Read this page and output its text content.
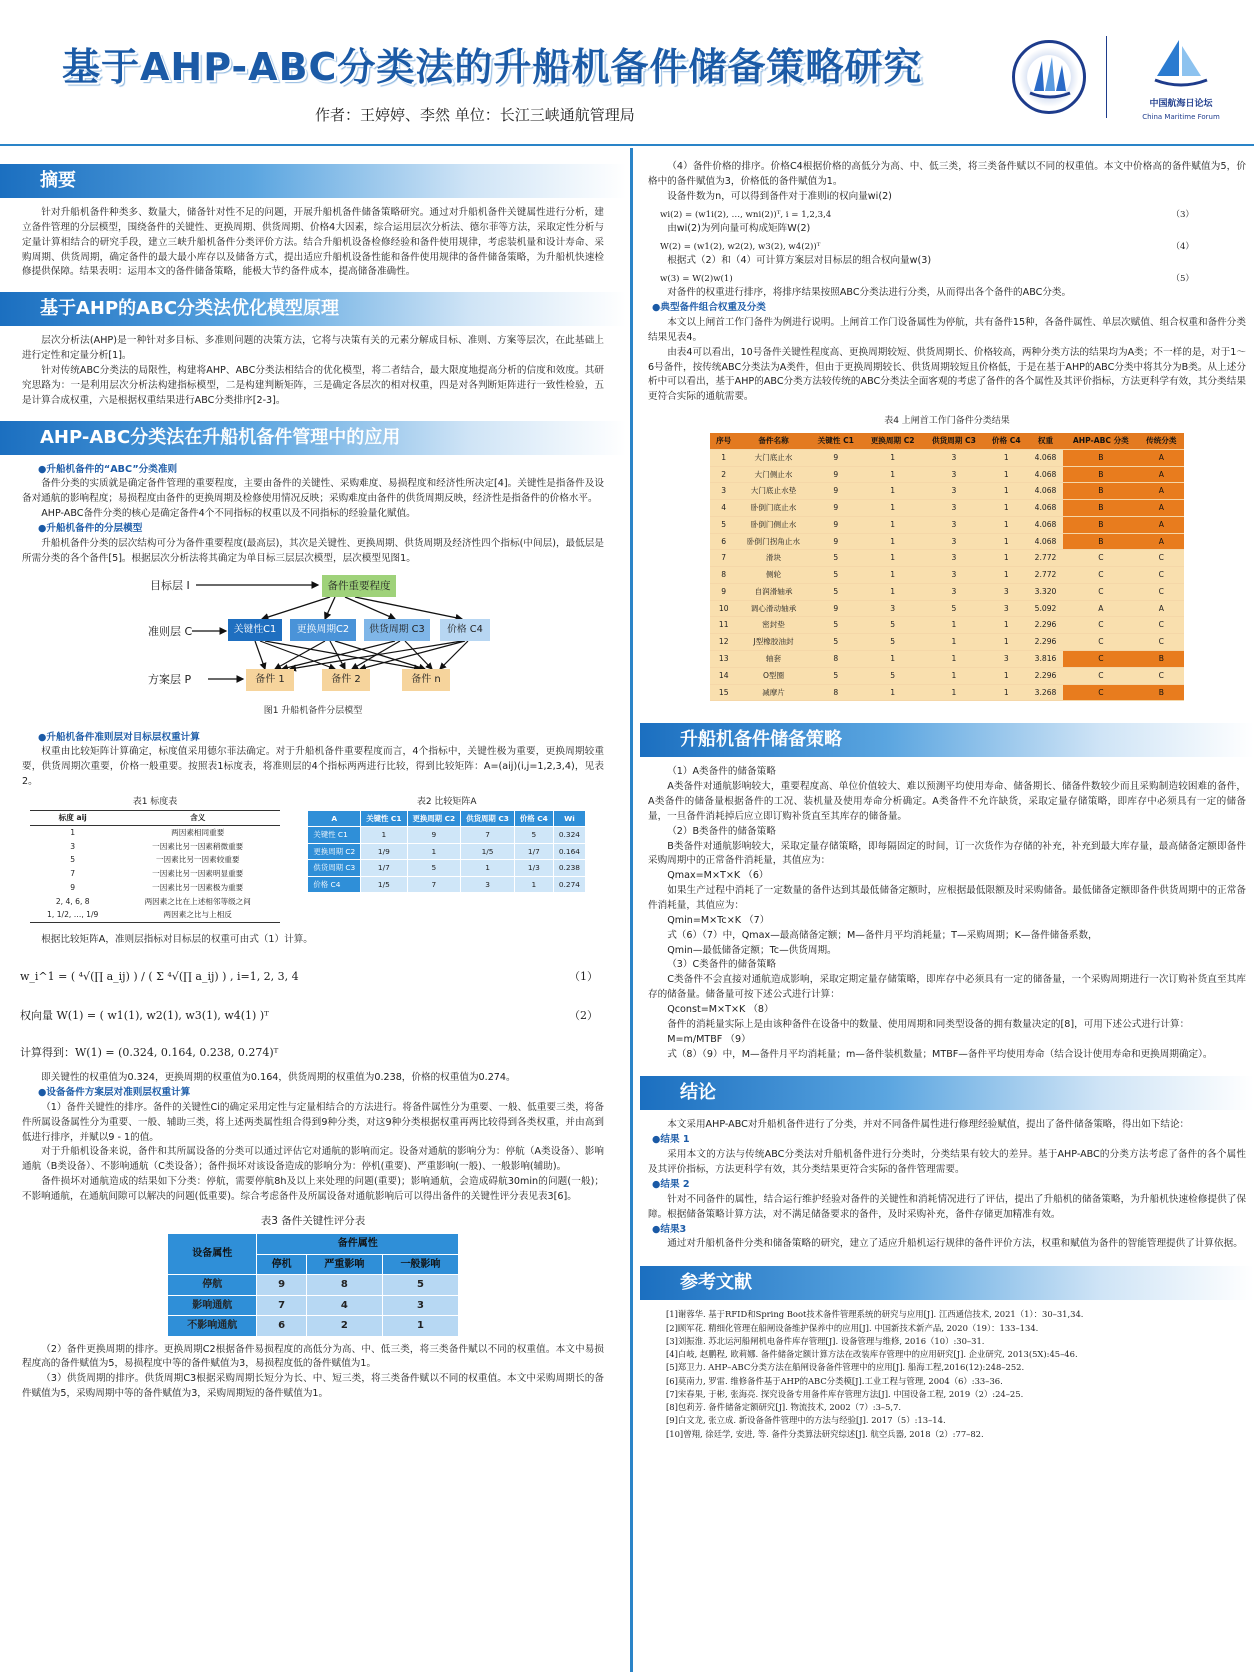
基于AHP-ABC分类法的升船机备件储备策略研究
作者：王婷婷、李然 单位：长江三峡通航管理局
中国航海日论坛
China Maritime Forum
摘要
针对升船机备件种类多、数量大，储备针对性不足的问题，开展升船机备件储备策略研究。通过对升船机备件关键属性进行分析，建立备件管理的分层模型，围绕备件的关键性、更换周期、供货周期、价格4大因素，综合运用层次分析法、德尔菲等方法，采取定性分析与定量计算相结合的研究手段，建立三峡升船机备件分类评价方法。结合升船机设备检修经验和备件使用规律，考虑装机量和设计寿命、采购周期、供货周期，确定备件的最大最小库存以及储备方式，提出适应升船机设备性能和备件使用规律的备件储备策略，为升船机快速检修提供保障。结果表明：运用本文的备件储备策略，能极大节约备件成本，提高储备准确性。
基于AHP的ABC分类法优化模型原理
层次分析法(AHP)是一种针对多目标、多准则问题的决策方法，它将与决策有关的元素分解成目标、准则、方案等层次，在此基础上进行定性和定量分析[1]。
针对传统ABC分类法的局限性，构建将AHP、ABC分类法相结合的优化模型，将二者结合，最大限度地提高分析的信度和效度。其研究思路为：一是利用层次分析法构建指标模型，二是构建判断矩阵，三是确定各层次的相对权重，四是对各判断矩阵进行一致性检验，五是计算合成权重，六是根据权重结果进行ABC分类排序[2-3]。
AHP-ABC分类法在升船机备件管理中的应用
●升船机备件的“ABC”分类准则
备件分类的实质就是确定备件管理的重要程度，主要由备件的关键性、采购难度、易损程度和经济性所决定[4]。关键性是指备件及设备对通航的影响程度；易损程度由备件的更换周期及检修使用情况反映；采购难度由备件的供货周期反映，经济性是指备件的价格水平。
AHP-ABC备件分类的核心是确定备件4个不同指标的权重以及不同指标的经验量化赋值。
●升船机备件的分层模型
升船机备件分类的层次结构可分为备件重要程度(最高层)，其次是关键性、更换周期、供货周期及经济性四个指标(中间层)，最低层是所需分类的各个备件[5]。根据层次分析法将其确定为单目标三层层次模型，层次模型见图1。
目标层 I
准则层 C
方案层 P
备件重要程度
关键性C1	更换周期C2	供货周期 C3	价格 C4
备件 1	备件 2	备件 n
图1 升船机备件分层模型
●升船机备件准则层对目标层权重计算
权重由比较矩阵计算确定，标度值采用德尔菲法确定。对于升船机备件重要程度而言，4个指标中，关键性极为重要，更换周期较重要，供货周期次重要，价格一般重要。按照表1标度表，将准则层的4个指标两两进行比较，得到比较矩阵：A=(aij)(i,j=1,2,3,4)，见表2。
表1 标度表
标度 aij	含义
1	两因素相同重要
3	一因素比另一因素稍微重要
5	一因素比另一因素较重要
7	一因素比另一因素明显重要
9	一因素比另一因素极为重要
2, 4, 6, 8	两因素之比在上述相邻等级之间
1, 1/2, …, 1/9	两因素之比与上相反
表2 比较矩阵A
A	关键性 C1	更换周期 C2	供货周期 C3	价格 C4	Wi
关键性 C1	1	9	7	5	0.324
更换周期 C2	1/9	1	1/5	1/7	0.164
供货周期 C3	1/7	5	1	1/3	0.238
价格 C4	1/5	7	3	1	0.274
根据比较矩阵A，准则层指标对目标层的权重可由式（1）计算。
w_i^1 = ( ⁴√(∏ a_ij) ) / ( Σ ⁴√(∏ a_ij) ) , i=1, 2, 3, 4	（1）
权向量 W(1) = ( w1(1), w2(1), w3(1), w4(1) )ᵀ	（2）
计算得到：W(1) = (0.324, 0.164, 0.238, 0.274)ᵀ
即关键性的权重值为0.324，更换周期的权重值为0.164，供货周期的权重值为0.238，价格的权重值为0.274。
●设备备件方案层对准则层权重计算
（1）备件关键性的排序。备件的关键性Ci的确定采用定性与定量相结合的方法进行。将备件属性分为重要、一般、低重要三类，将备件所属设备属性分为重要、一般、辅助三类，将上述两类属性组合得到9种分类，对这9种分类根据权重再两比较得到各类权重，并由高到低进行排序，并赋以9 - 1的值。
对于升船机设备来说，备件和其所属设备的分类可以通过评估它对通航的影响而定。设备对通航的影响分为：停航（A类设备）、影响通航（B类设备）、不影响通航（C类设备）；备件损坏对该设备造成的影响分为：停机(重要)、严重影响(一般)、一般影响(辅助)。
备件损坏对通航造成的结果如下分类：停航，需要停航8h及以上来处理的问题(重要)；影响通航，会造成碍航30min的问题(一般)；不影响通航，在通航间隙可以解决的问题(低重要)。综合考虑备件及所属设备对通航影响后可以得出备件的关键性评分表见表3[6]。
表3 备件关键性评分表
设备属性	备件属性		
	停机	严重影响	一般影响
停航	9	8	5
影响通航	7	4	3
不影响通航	6	2	1
（2）备件更换周期的排序。更换周期C2根据备件易损程度的高低分为高、中、低三类，将三类备件赋以不同的权重值。本文中易损程度高的备件赋值为5，易损程度中等的备件赋值为3，易损程度低的备件赋值为1。
（3）供货周期的排序。供货周期C3根据采购周期长短分为长、中、短三类，将三类备件赋以不同的权重值。本文中采购周期长的备件赋值为5，采购周期中等的备件赋值为3，采购周期短的备件赋值为1。
（4）备件价格的排序。价格C4根据价格的高低分为高、中、低三类，将三类备件赋以不同的权重值。本文中价格高的备件赋值为5，价格中的备件赋值为3，价格低的备件赋值为1。
设备件数为n，可以得到备件对于准则i的权向量wi(2)
wi(2) = (w1i(2), …, wni(2))ᵀ, i = 1,2,3,4	（3）
由wi(2)为列向量可构成矩阵W(2)
W(2) = (w1(2), w2(2), w3(2), w4(2))ᵀ	（4）
根据式（2）和（4）可计算方案层对目标层的组合权向量w(3)
w(3) = W(2)w(1)	（5）
对备件的权重进行排序，将排序结果按照ABC分类法进行分类，从而得出各个备件的ABC分类。
●典型备件组合权重及分类
本文以上闸首工作门备件为例进行说明。上闸首工作门设备属性为停航，共有备件15种，各备件属性、单层次赋值、组合权重和备件分类结果见表4。
由表4可以看出，10号备件关键性程度高、更换周期较短、供货周期长、价格较高，两种分类方法的结果均为A类；不一样的是，对于1～6号备件，按传统ABC分类法为A类件，但由于更换周期较长、供货周期较短且价格低，于是在基于AHP的ABC分类中将其分为B类。从上述分析中可以看出，基于AHP的ABC分类方法较传统的ABC分类法全面客观的考虑了备件的各个属性及其评价指标，方法更科学有效，其分类结果更符合实际的通航需要。
表4 上闸首工作门备件分类结果
序号	备件名称	关键性 C1	更换周期 C2	供货周期 C3	价格 C4	权重	AHP-ABC 分类	传统分类
1	大门底止水	9	1	3	1	4.068	B	A
2	大门侧止水	9	1	3	1	4.068	B	A
3	大门底止水垫	9	1	3	1	4.068	B	A
4	卧倒门底止水	9	1	3	1	4.068	B	A
5	卧倒门侧止水	9	1	3	1	4.068	B	A
6	卧倒门拐角止水	9	1	3	1	4.068	B	A
7	滑块	5	1	3	1	2.772	C	C
8	侧轮	5	1	3	1	2.772	C	C
9	自润滑轴承	5	1	3	3	3.320	C	C
10	调心滑动轴承	9	3	5	3	5.092	A	A
11	密封垫	5	5	1	1	2.296	C	C
12	J型橡胶油封	5	5	1	1	2.296	C	C
13	轴套	8	1	1	3	3.816	C	B
14	O型圈	5	5	1	1	2.296	C	C
15	减摩片	8	1	1	1	3.268	C	B
升船机备件储备策略
（1）A类备件的储备策略
A类备件对通航影响较大，重要程度高、单位价值较大、难以预测平均使用寿命、储备期长、储备件数较少而且采购制造较困难的备件，A类备件的储备量根据备件的工况、装机量及使用寿命分析确定。A类备件不允许缺货，采取定量存储策略，即库存中必须具有一定的储备量，一旦备件消耗掉后应立即订购补货直至其库存的储备量。
（2）B类备件的储备策略
B类备件对通航影响较大，采取定量存储策略，即每隔固定的时间，订一次货作为存储的补充，补充到最大库存量，最高储备定额即备件采购周期中的正常备件消耗量，其值应为：
Qmax=M×T×K （6）
如果生产过程中消耗了一定数量的备件达到其最低储备定额时，应根据最低限额及时采购储备。最低储备定额即备件供货周期中的正常备件消耗量，其值应为：
Qmin=M×Tc×K （7）
式（6）（7）中，Qmax—最高储备定额；M—备件月平均消耗量；T—采购周期；K—备件储备系数，
Qmin—最低储备定额；Tc—供货周期。
（3）C类备件的储备策略
C类备件不会直接对通航造成影响，采取定期定量存储策略，即库存中必须具有一定的储备量，一个采购周期进行一次订购补货直至其库存的储备量。储备量可按下述公式进行计算：
Qconst=M×T×K （8）
备件的消耗量实际上是由该种备件在设备中的数量、使用周期和同类型设备的拥有数量决定的[8]，可用下述公式进行计算：
M=m/MTBF （9）
式（8）（9）中，M—备件月平均消耗量；m—备件装机数量；MTBF—备件平均使用寿命（结合设计使用寿命和更换周期确定）。
结论
本文采用AHP-ABC对升船机备件进行了分类，并对不同备件属性进行修理经验赋值，提出了备件储备策略，得出如下结论：
●结果 1
采用本文的方法与传统ABC分类法对升船机备件进行分类时，分类结果有较大的差异。基于AHP-ABC的分类方法考虑了备件的各个属性及其评价指标，方法更科学有效，其分类结果更符合实际的备件管理需要。
●结果 2
针对不同备件的属性，结合运行维护经验对备件的关键性和消耗情况进行了评估，提出了升船机的储备策略，为升船机快速检修提供了保障。根据储备策略计算方法，对不满足储备要求的备件，及时采购补充，备件存储更加精准有效。
●结果3
通过对升船机备件分类和储备策略的研究，建立了适应升船机运行规律的备件评价方法，权重和赋值为备件的智能管理提供了计算依据。
参考文献
[1]谢蓉华. 基于RFID和Spring Boot技术备件管理系统的研究与应用[J]. 江西通信技术, 2021（1）：30–31,34.
[2]顾军花. 精细化管理在船闸设备维护保养中的应用[J]. 中国新技术新产品, 2020（19）：133–134.
[3]刘振淮. 苏北运河船闸机电备件库存管理[J]. 设备管理与维修, 2016（10）:30–31.
[4]白岐, 赵鹏程, 欧莉娜. 备件储备定额计算方法在改装库存管理中的应用研究[J]. 企业研究, 2013(5X):45–46.
[5]郑卫力. AHP–ABC分类方法在船闸设备备件管理中的应用[J]. 船海工程,2016(12):248–252.
[6]莫南力, 罗雷. 维修备件基于AHP的ABC分类模[J].工业工程与管理, 2004（6）:33–36.
[7]宋春果, 于彬, 张海亮. 探究设备专用备件库存管理方法[J]. 中国设备工程, 2019（2）:24–25.
[8]包莉芳. 备件储备定额研究[J]. 物流技术, 2002（7）:3–5,7.
[9]白文龙, 张立成. 新设备备件管理中的方法与经验[J]. 2017（5）:13–14.
[10]曾翔, 徐廷学, 安进, 等. 备件分类算法研究综述[J]. 航空兵器, 2018（2）:77–82.
